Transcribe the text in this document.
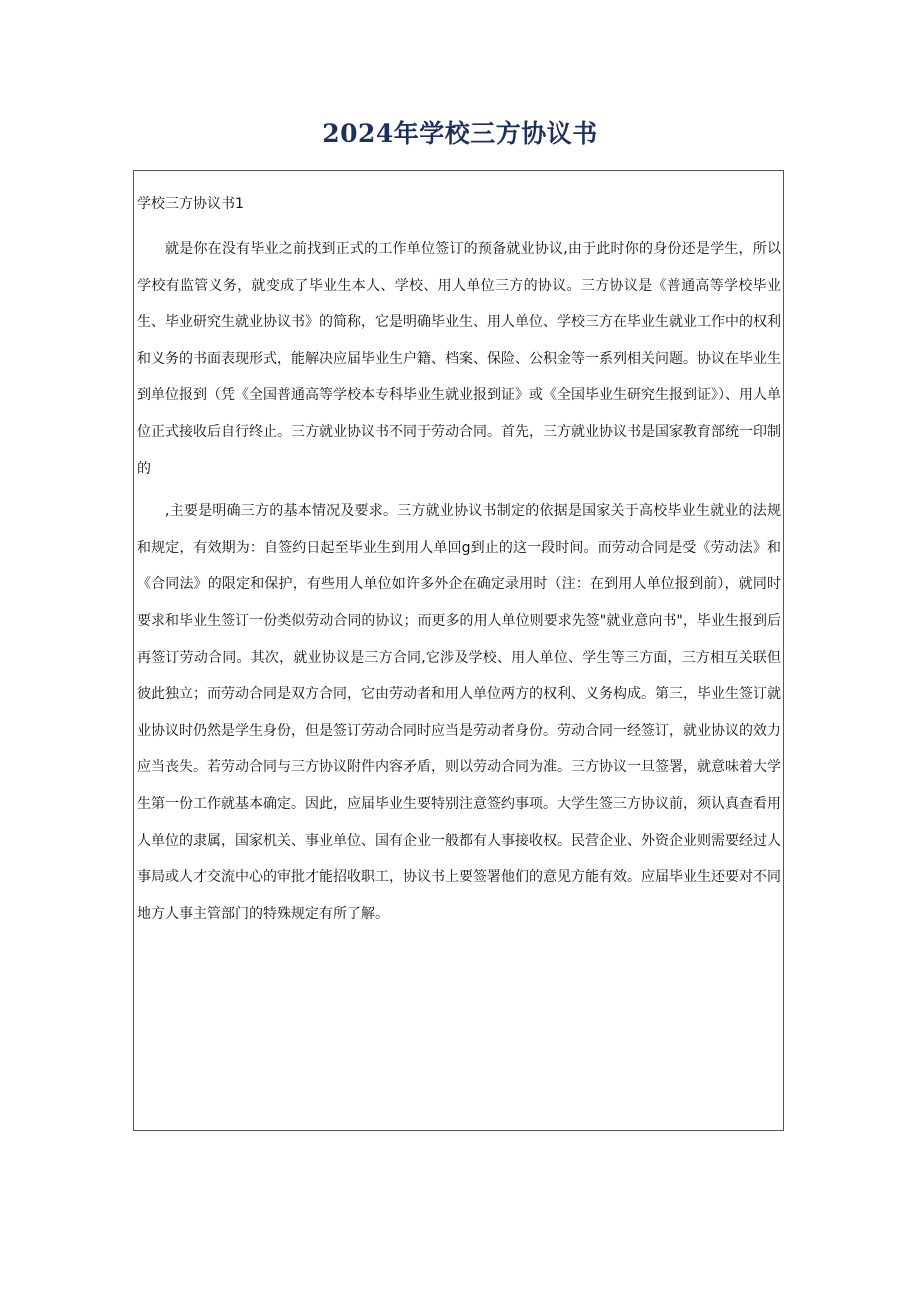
2024年学校三方协议书

学校三方协议书1

就是你在没有毕业之前找到正式的工作单位签订的预备就业协议,由于此时你的身份还是学生，所以学校有监管义务，就变成了毕业生本人、学校、用人单位三方的协议。三方协议是《普通高等学校毕业生、毕业研究生就业协议书》的简称，它是明确毕业生、用人单位、学校三方在毕业生就业工作中的权利和义务的书面表现形式，能解决应届毕业生户籍、档案、保险、公积金等一系列相关问题。协议在毕业生到单位报到（凭《全国普通高等学校本专科毕业生就业报到证》或《全国毕业生研究生报到证》）、用人单位正式接收后自行终止。三方就业协议书不同于劳动合同。首先，三方就业协议书是国家教育部统一印制的

,主要是明确三方的基本情况及要求。三方就业协议书制定的依据是国家关于高校毕业生就业的法规和规定，有效期为：自签约日起至毕业生到用人单回g到止的这一段时间。而劳动合同是受《劳动法》和《合同法》的限定和保护，有些用人单位如许多外企在确定录用时（注：在到用人单位报到前），就同时要求和毕业生签订一份类似劳动合同的协议；而更多的用人单位则要求先签"就业意向书"，毕业生报到后再签订劳动合同。其次，就业协议是三方合同,它涉及学校、用人单位、学生等三方面，三方相互关联但彼此独立；而劳动合同是双方合同，它由劳动者和用人单位两方的权利、义务构成。第三，毕业生签订就业协议时仍然是学生身份，但是签订劳动合同时应当是劳动者身份。劳动合同一经签订，就业协议的效力应当丧失。若劳动合同与三方协议附件内容矛盾，则以劳动合同为准。三方协议一旦签署，就意味着大学生第一份工作就基本确定。因此，应届毕业生要特别注意签约事项。大学生签三方协议前，须认真查看用人单位的隶属，国家机关、事业单位、国有企业一般都有人事接收权。民营企业、外资企业则需要经过人事局或人才交流中心的审批才能招收职工，协议书上要签署他们的意见方能有效。应届毕业生还要对不同地方人事主管部门的特殊规定有所了解。
